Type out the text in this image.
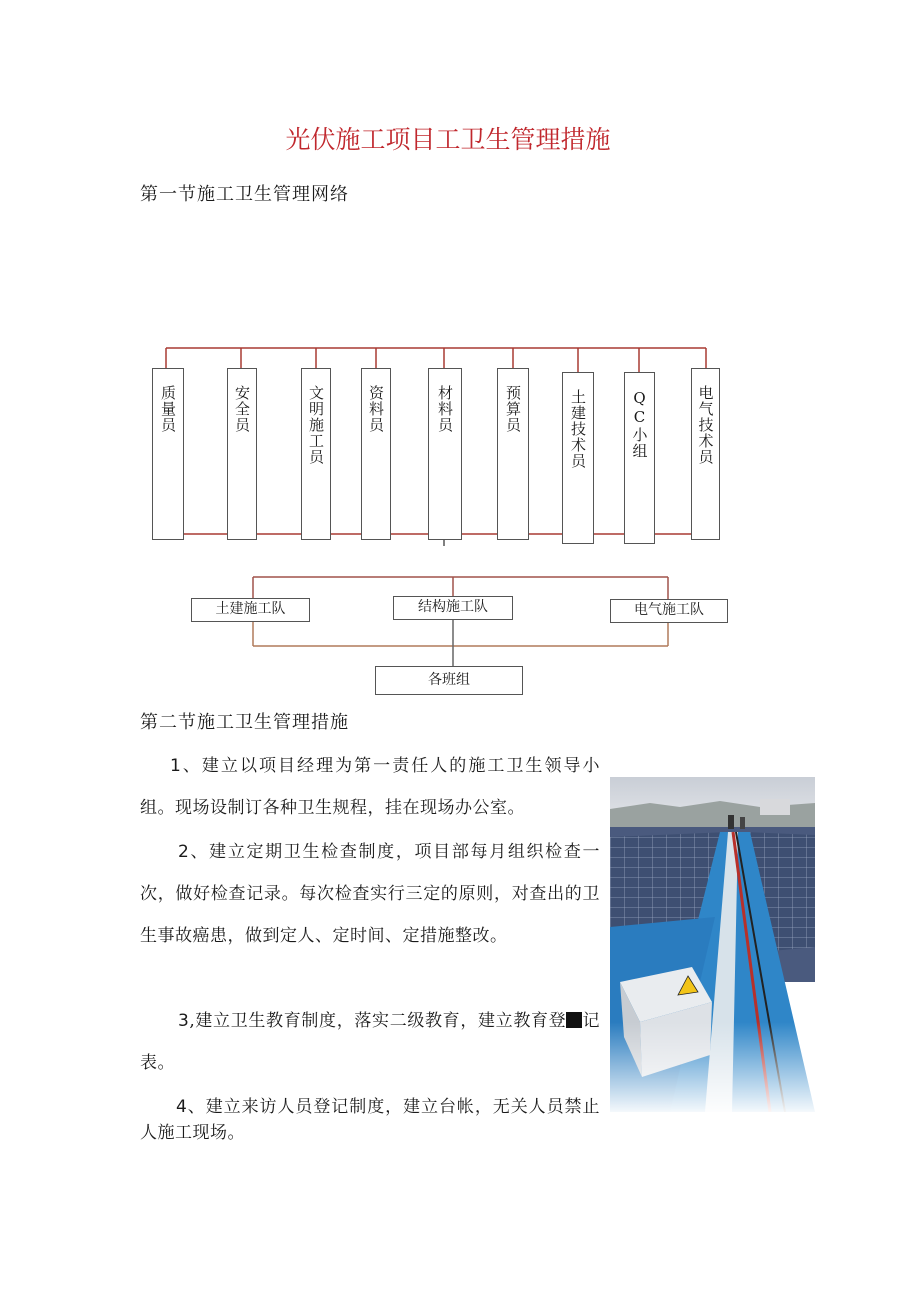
光伏施工项目工卫生管理措施
第一节施工卫生管理网络
质量员	安全员	文明施工员	资料员	材料员	预算员	土建技术员	QC小组	电气技术员
土建施工队	结构施工队	电气施工队
各班组
第二节施工卫生管理措施
1、建立以项目经理为第一责任人的施工卫生领导小组。现场设制订各种卫生规程，挂在现场办公室。
2、建立定期卫生检查制度，项目部每月组织检查一次，做好检查记录。每次检査实行三定的原则，对查出的卫生事故癌患，做到定人、定时间、定措施整改。
3,建立卫生教育制度，落实二级教育，建立教育登 记表。
4、建立来访人员登记制度，建立台帐，无关人员禁止人施工现场。
